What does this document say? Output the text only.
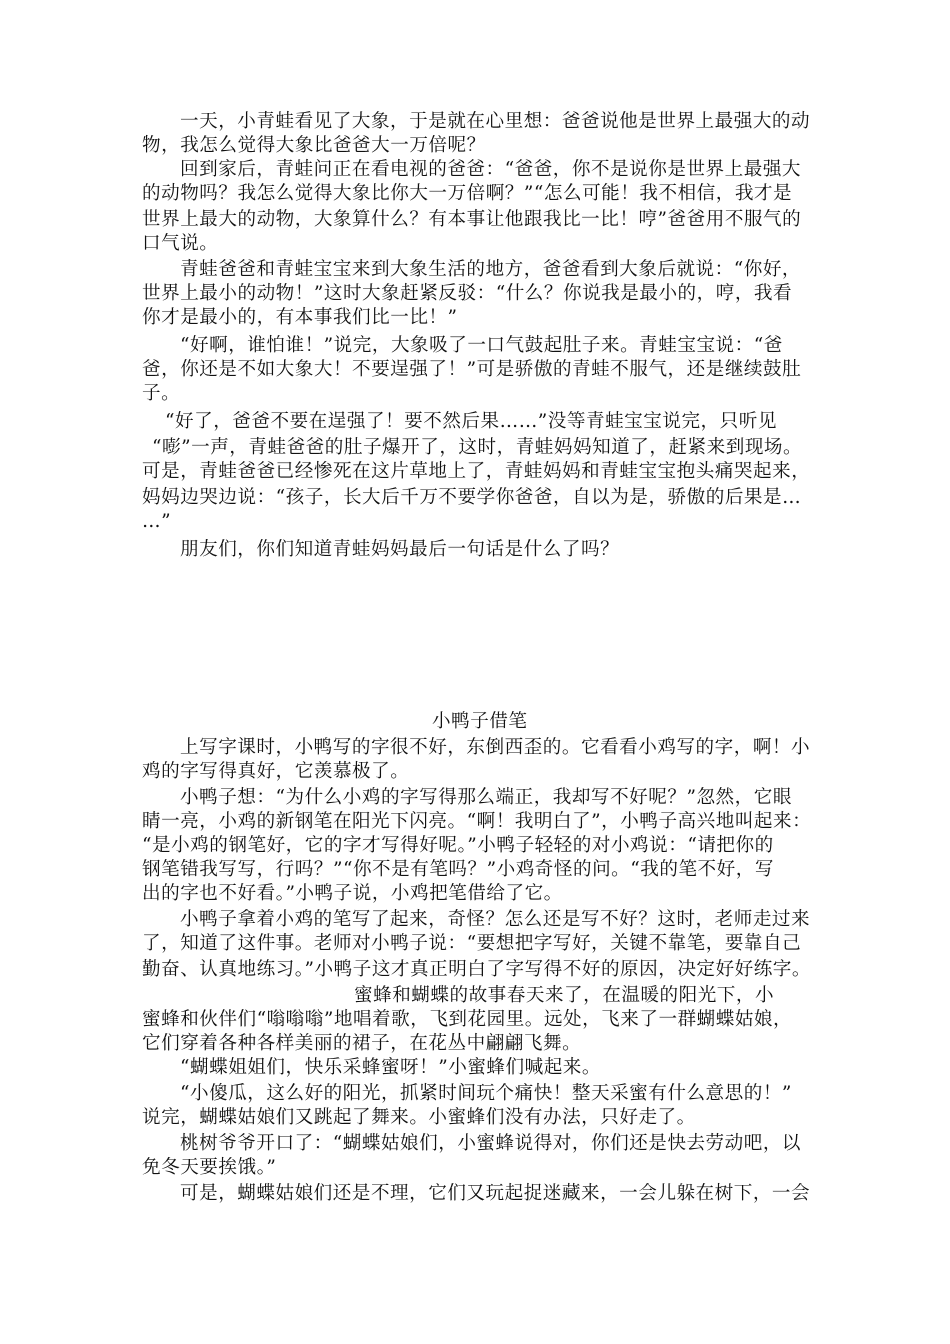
一天，小青蛙看见了大象，于是就在心里想：爸爸说他是世界上最强大的动
物，我怎么觉得大象比爸爸大一万倍呢？
回到家后，青蛙问正在看电视的爸爸：“爸爸，你不是说你是世界上最强大
的动物吗？我怎么觉得大象比你大一万倍啊？”“怎么可能！我不相信，我才是
世界上最大的动物，大象算什么？有本事让他跟我比一比！哼”爸爸用不服气的
口气说。
青蛙爸爸和青蛙宝宝来到大象生活的地方，爸爸看到大象后就说：“你好，
世界上最小的动物！”这时大象赶紧反驳：“什么？你说我是最小的，哼，我看
你才是最小的，有本事我们比一比！”
“好啊，谁怕谁！”说完，大象吸了一口气鼓起肚子来。青蛙宝宝说：“爸
爸，你还是不如大象大！不要逞强了！”可是骄傲的青蛙不服气，还是继续鼓肚
子。
“好了，爸爸不要在逞强了！要不然后果……”没等青蛙宝宝说完，只听见
“嘭”一声，青蛙爸爸的肚子爆开了，这时，青蛙妈妈知道了，赶紧来到现场。
可是，青蛙爸爸已经惨死在这片草地上了，青蛙妈妈和青蛙宝宝抱头痛哭起来，
妈妈边哭边说：“孩子，长大后千万不要学你爸爸，自以为是，骄傲的后果是…
…”
朋友们，你们知道青蛙妈妈最后一句话是什么了吗？
小鸭子借笔
上写字课时，小鸭写的字很不好，东倒西歪的。它看看小鸡写的字，啊！小
鸡的字写得真好，它羡慕极了。
小鸭子想：“为什么小鸡的字写得那么端正，我却写不好呢？”忽然，它眼
睛一亮，小鸡的新钢笔在阳光下闪亮。“啊！我明白了”，小鸭子高兴地叫起来：
“是小鸡的钢笔好，它的字才写得好呢。”小鸭子轻轻的对小鸡说：“请把你的
钢笔错我写写，行吗？”“你不是有笔吗？”小鸡奇怪的问。“我的笔不好，写
出的字也不好看。”小鸭子说，小鸡把笔借给了它。
小鸭子拿着小鸡的笔写了起来，奇怪？怎么还是写不好？这时，老师走过来
了，知道了这件事。老师对小鸭子说：“要想把字写好，关键不靠笔，要靠自己
勤奋、认真地练习。”小鸭子这才真正明白了字写得不好的原因，决定好好练字。
蜜蜂和蝴蝶的故事春天来了，在温暖的阳光下，小
蜜蜂和伙伴们“嗡嗡嗡”地唱着歌，飞到花园里。远处，飞来了一群蝴蝶姑娘，
它们穿着各种各样美丽的裙子，在花丛中翩翩飞舞。
“蝴蝶姐姐们，快乐采蜂蜜呀！”小蜜蜂们喊起来。
“小傻瓜，这么好的阳光，抓紧时间玩个痛快！整天采蜜有什么意思的！”
说完，蝴蝶姑娘们又跳起了舞来。小蜜蜂们没有办法，只好走了。
桃树爷爷开口了：“蝴蝶姑娘们，小蜜蜂说得对，你们还是快去劳动吧，以
免冬天要挨饿。”
可是，蝴蝶姑娘们还是不理，它们又玩起捉迷藏来，一会儿躲在树下，一会
